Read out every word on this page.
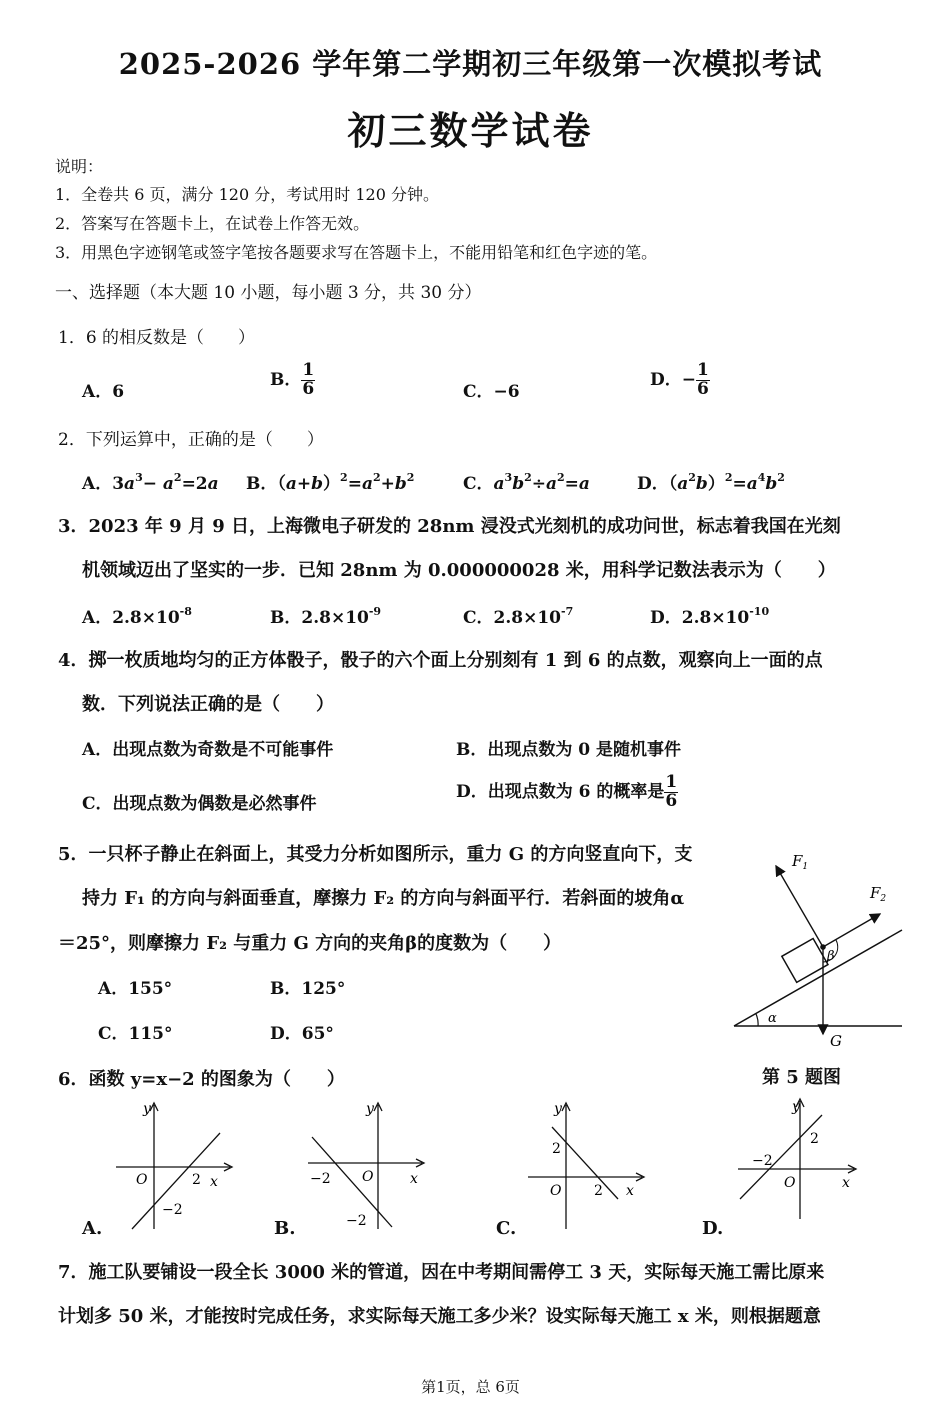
2025-2026 学年第二学期初三年级第一次模拟考试
初三数学试卷
说明：
1．全卷共 6 页，满分 120 分，考试用时 120 分钟。
2．答案写在答题卡上，在试卷上作答无效。
3．用黑色字迹钢笔或签字笔按各题要求写在答题卡上，不能用铅笔和红色字迹的笔。
一、选择题（本大题 10 小题，每小题 3 分，共 30 分）
1．6 的相反数是（　　）
A．6
B． $\frac{1}{6}$	C．−6
D．− $\frac{1}{6}$
2．下列运算中，正确的是（　　）
A．$3a^3- a^2=2a$ B．$(a+b)^2=a^2+b^2$	C．$a^3b^2\div a^2=a$	D．$(a^2b)^2=a^4b^2$
3．2023 年 9 月 9 日，上海微电子研发的 28nm 浸没式光刻机的成功问世，标志着我国在光刻
机领域迈出了坚实的一步．已知 28nm 为 0.000000028 米，用科学记数法表示为（　　）
A．$2.8\times 10^{-8}$	B．$2.8\times 10^{-9}$	C．$2.8\times 10^{-7}$	D．$2.8\times 10^{-10}$
4．掷一枚质地均匀的正方体骰子，骰子的六个面上分别刻有 1 到 6 的点数，观察向上一面的点
数．下列说法正确的是（　　）
A．出现点数为奇数是不可能事件	B．出现点数为 0 是随机事件
C．出现点数为偶数是必然事件
D．出现点数为 6 的概率是 $\frac{1}{6}$
5．一只杯子静止在斜面上，其受力分析如图所示，重力 G 的方向竖直向下，支
持力 F₁ 的方向与斜面垂直，摩擦力 F₂ 的方向与斜面平行．若斜面的坡角α
＝25°，则摩擦力 F₂ 与重力 G 方向的夹角β的度数为（　　）
A．155°	B．125°
C．115°	D．65°
$F_1$
$F_2$
β
α
G
第 5 题图
6．函数 y=x−2 的图象为（　　）
y
x
O	2
−2
A.
y
x
O
−2
−2
B.
y
x
O 2
2
C.
y
x
O
−2
2
D.
7．施工队要铺设一段全长 3000 米的管道，因在中考期间需停工 3 天，实际每天施工需比原来
计划多 50 米，才能按时完成任务，求实际每天施工多少米？设实际每天施工 x 米，则根据题意
第1页，总 6页
